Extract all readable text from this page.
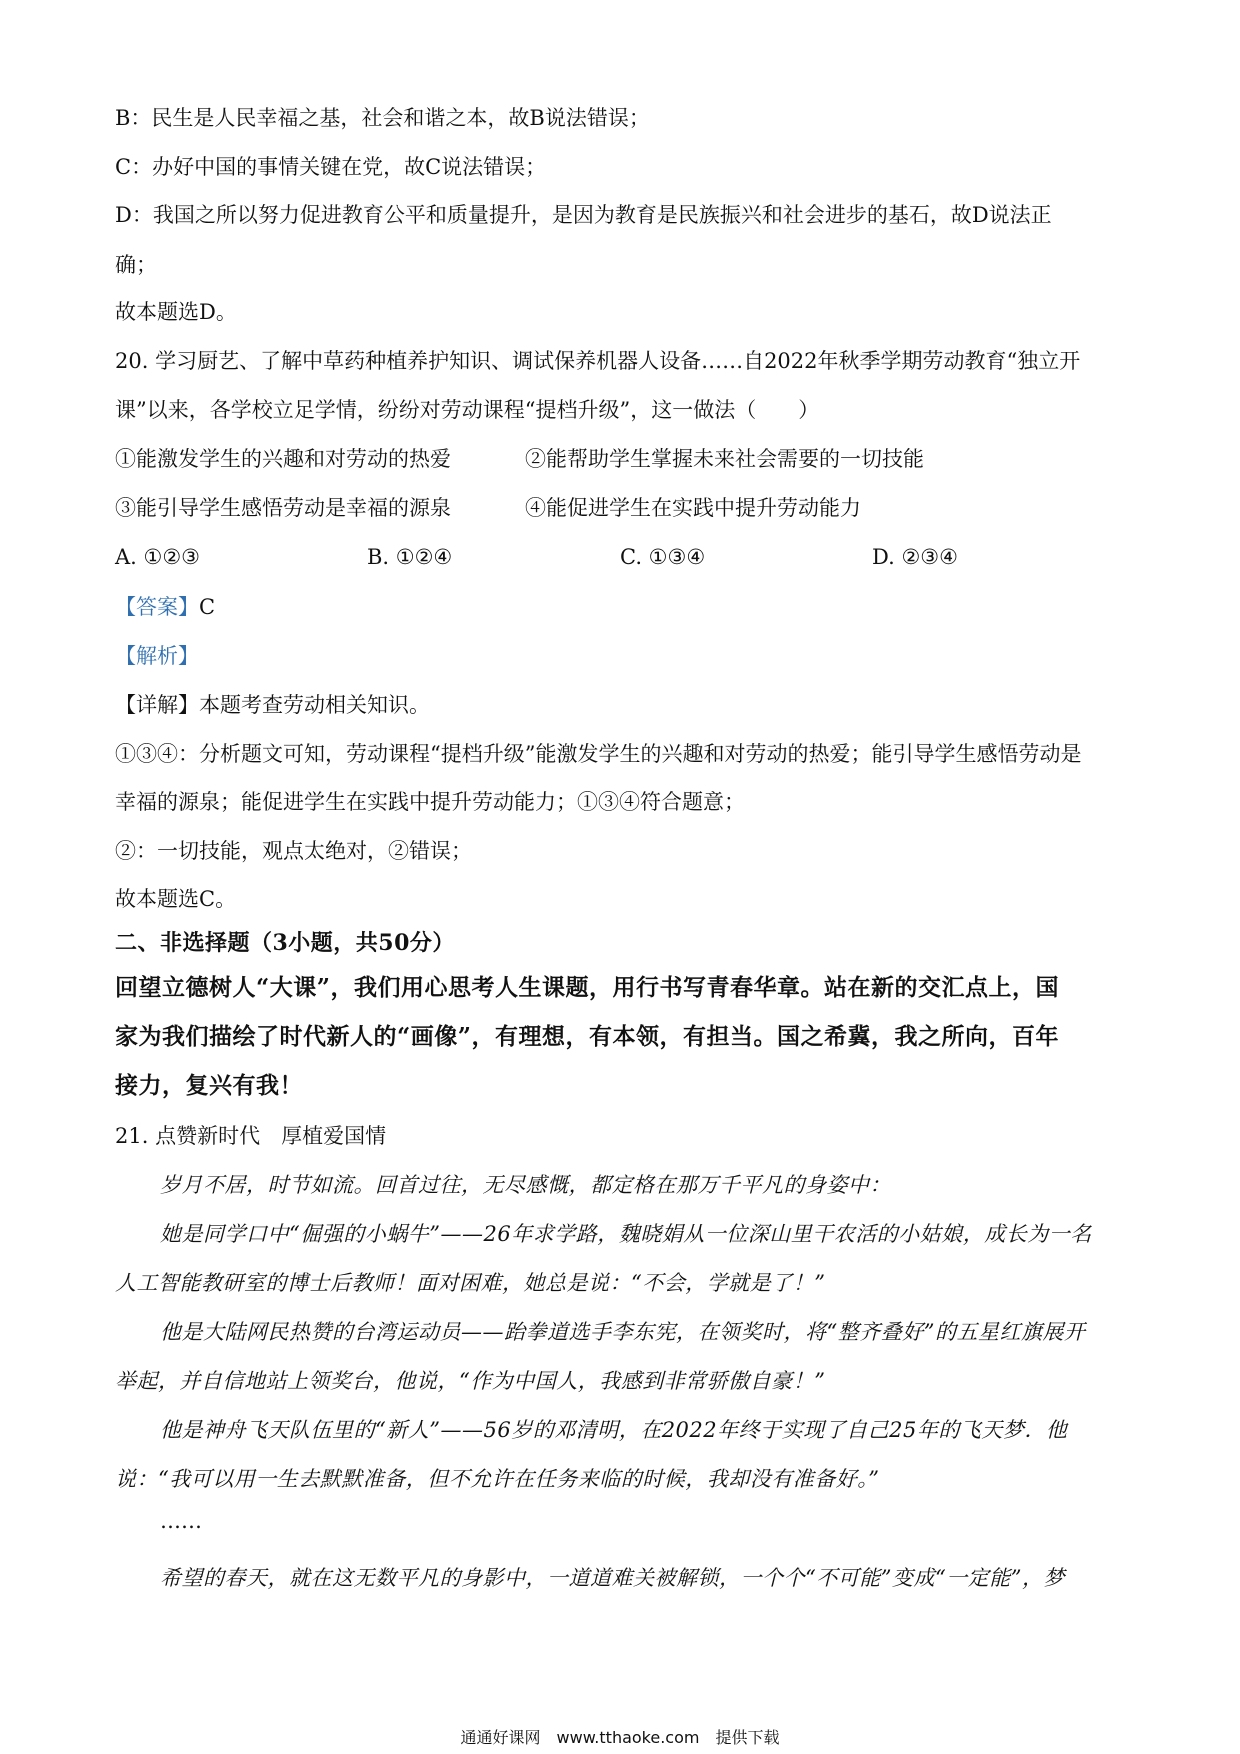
B：民生是人民幸福之基，社会和谐之本，故B说法错误；
C：办好中国的事情关键在党，故C说法错误；
D：我国之所以努力促进教育公平和质量提升，是因为教育是民族振兴和社会进步的基石，故D说法正
确；
故本题选D。
20. 学习厨艺、了解中草药种植养护知识、调试保养机器人设备……自2022年秋季学期劳动教育“独立开
课”以来，各学校立足学情，纷纷对劳动课程“提档升级”，这一做法（　　）
①能激发学生的兴趣和对劳动的热爱	②能帮助学生掌握未来社会需要的一切技能
③能引导学生感悟劳动是幸福的源泉	④能促进学生在实践中提升劳动能力
A. ①②③	B. ①②④	C. ①③④	D. ②③④
【答案】C
【解析】
【详解】本题考查劳动相关知识。
①③④：分析题文可知，劳动课程“提档升级”能激发学生的兴趣和对劳动的热爱；能引导学生感悟劳动是
幸福的源泉；能促进学生在实践中提升劳动能力；①③④符合题意；
②：一切技能，观点太绝对，②错误；
故本题选C。
二、非选择题（3小题，共50分）
回望立德树人“大课”，我们用心思考人生课题，用行书写青春华章。站在新的交汇点上，国
家为我们描绘了时代新人的“画像”，有理想，有本领，有担当。国之希冀，我之所向，百年
接力，复兴有我！
21. 点赞新时代　厚植爱国情
岁月不居，时节如流。回首过往，无尽感慨，都定格在那万千平凡的身姿中：
她是同学口中“倔强的小蜗牛”——26年求学路，魏晓娟从一位深山里干农活的小姑娘，成长为一名
人工智能教研室的博士后教师！面对困难，她总是说：“不会，学就是了！”
他是大陆网民热赞的台湾运动员——跆拳道选手李东宪，在领奖时，将“整齐叠好”的五星红旗展开
举起，并自信地站上领奖台，他说，“作为中国人，我感到非常骄傲自豪！”
他是神舟飞天队伍里的“新人”——56岁的邓清明，在2022年终于实现了自己25年的飞天梦．他
说：“我可以用一生去默默准备，但不允许在任务来临的时候，我却没有准备好。”
……
希望的春天，就在这无数平凡的身影中，一道道难关被解锁，一个个“不可能”变成“一定能”，梦
通通好课网　www.tthaoke.com　提供下载
